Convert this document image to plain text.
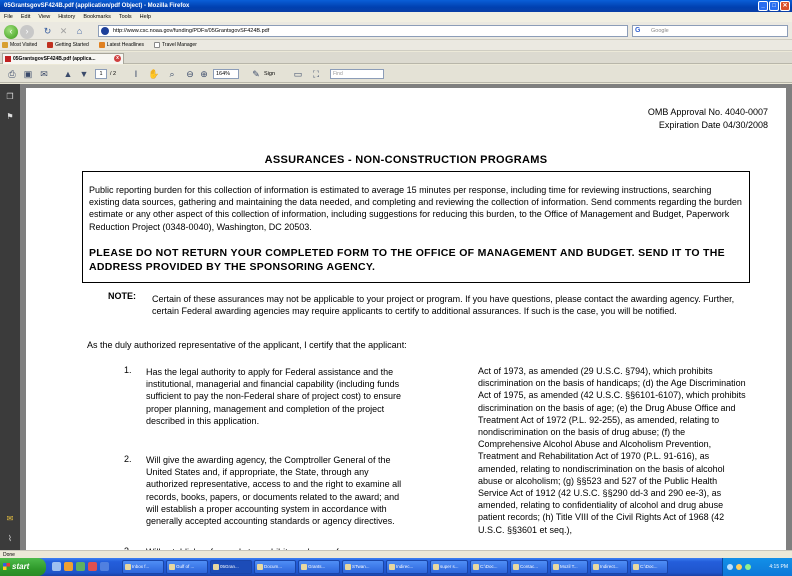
05GrantsgovSF424B.pdf (application/pdf Object) - Mozilla Firefox	_	□	✕
File Edit View History Bookmarks Tools Help
‹	›	↻ ✕	⌂	http://www.csc.noaa.gov/funding/PDFs/05GrantsgovSF424B.pdf	G Google
Most Visited	Getting Started	Latest Headlines	Travel Manager
05GrantsgovSF424B.pdf (applica...	x
⎙ ▣ ✉ ▲ ▼	1	/ 2	Ⅰ	✋	⌕	⊖ ⊕	164%	✎ Sign ▭	⛶	Find
❐
⚑
✉
⌇
OMB Approval No. 4040-0007
Expiration Date 04/30/2008
ASSURANCES - NON-CONSTRUCTION PROGRAMS
Public reporting burden for this collection of information is estimated to average 15 minutes per response, including time for reviewing instructions, searching existing data sources, gathering and maintaining the data needed, and completing and reviewing the collection of information. Send comments regarding the burden estimate or any other aspect of this collection of information, including suggestions for reducing this burden, to the Office of Management and Budget, Paperwork Reduction Project (0348-0040), Washington, DC 20503.
PLEASE DO NOT RETURN YOUR COMPLETED FORM TO THE OFFICE OF MANAGEMENT AND BUDGET. SEND IT TO THE ADDRESS PROVIDED BY THE SPONSORING AGENCY.
NOTE: Certain of these assurances may not be applicable to your project or program. If you have questions, please contact the awarding agency. Further, certain Federal awarding agencies may require applicants to certify to additional assurances. If such is the case, you will be notified.
As the duly authorized representative of the applicant, I certify that the applicant:
1. Has the legal authority to apply for Federal assistance and the institutional, managerial and financial capability (including funds sufficient to pay the non-Federal share of project cost) to ensure proper planning, management and completion of the project described in this application.
2. Will give the awarding agency, the Comptroller General of the United States and, if appropriate, the State, through any authorized representative, access to and the right to examine all records, books, papers, or documents related to the award; and will establish a proper accounting system in accordance with generally accepted accounting standards or agency directives.
Act of 1973, as amended (29 U.S.C. §794), which prohibits discrimination on the basis of handicaps; (d) the Age Discrimination Act of 1975, as amended (42 U.S.C. §§6101-6107), which prohibits discrimination on the basis of age; (e) the Drug Abuse Office and Treatment Act of 1972 (P.L. 92-255), as amended, relating to nondiscrimination on the basis of drug abuse; (f) the Comprehensive Alcohol Abuse and Alcoholism Prevention, Treatment and Rehabilitation Act of 1970 (P.L. 91-616), as amended, relating to nondiscrimination on the basis of alcohol abuse or alcoholism; (g) §§523 and 527 of the Public Health Service Act of 1912 (42 U.S.C. §§290 dd-3 and 290 ee-3), as amended, relating to confidentiality of alcohol and drug abuse patient records; (h) Title VIII of the Civil Rights Act of 1968 (42 U.S.C. §§3601 et seq.),
Done
start	Inbox f...	Gulf of ...	05Gran...	Docum...	Grants...	STwan...	Indirec...	super s...	C:\Doc...	Contac...	Mozil T...	Indirect...	C:\Doc...	4:15 PM
